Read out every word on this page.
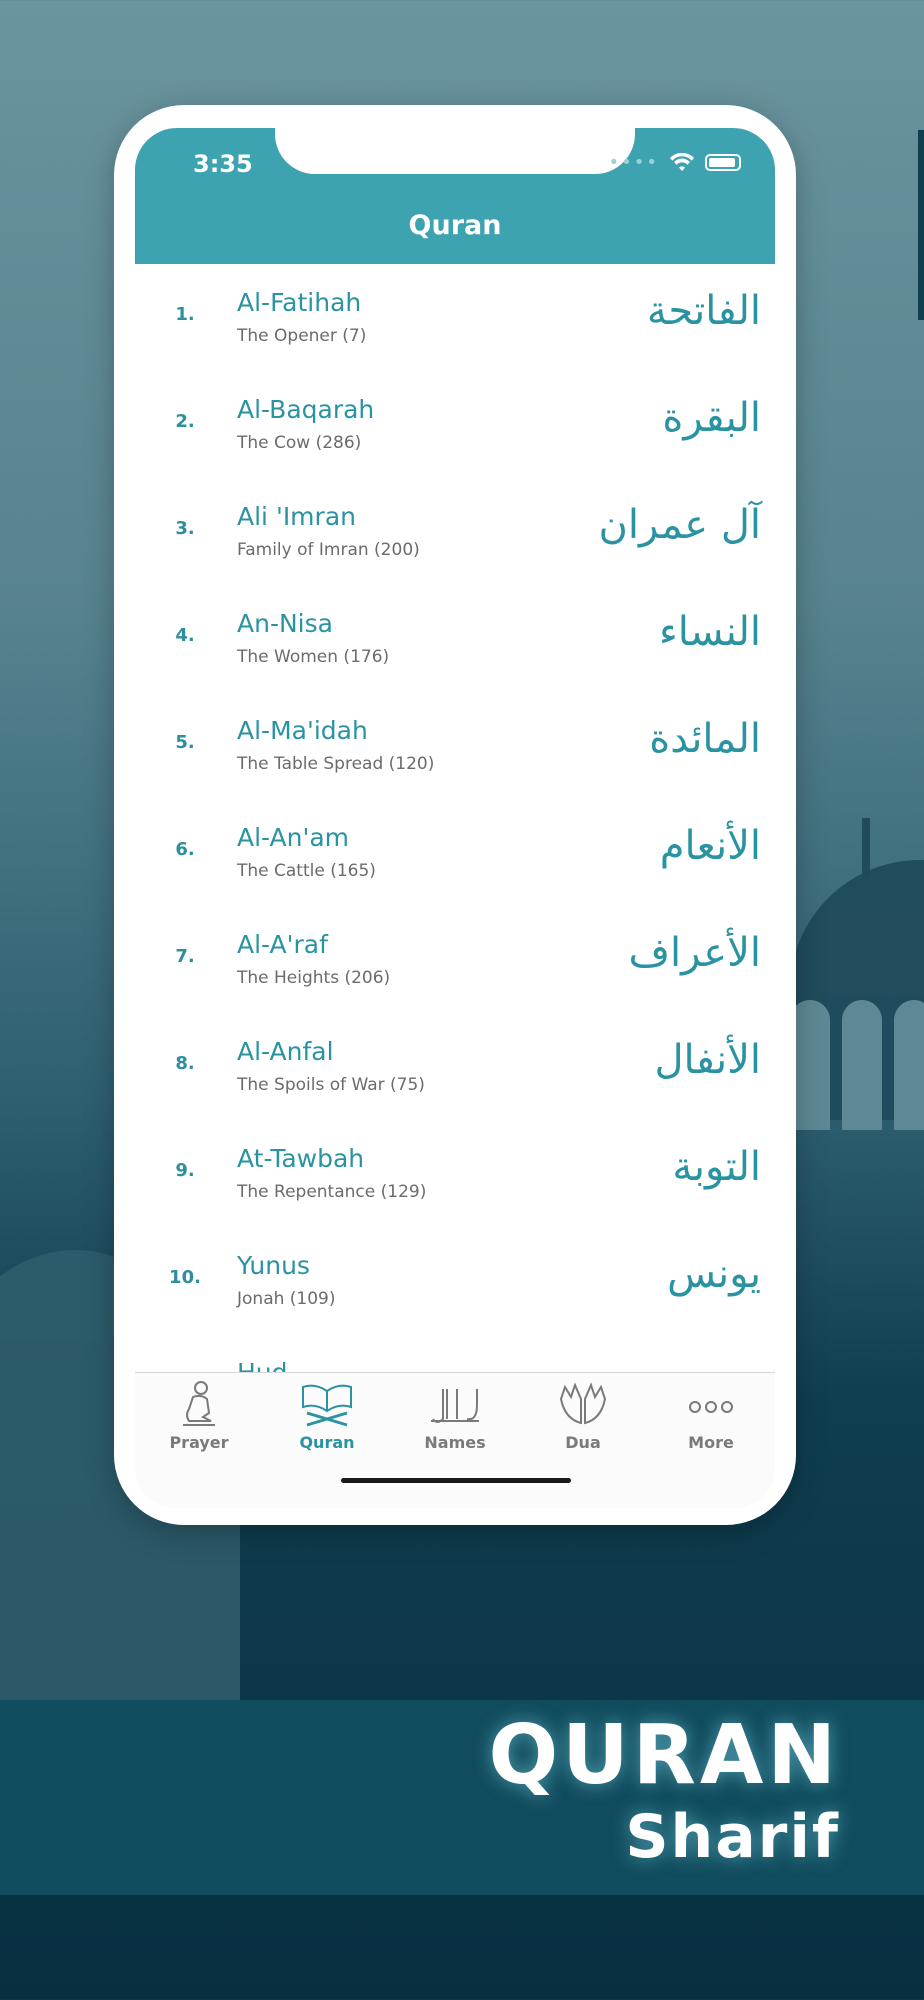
3:35	••••
Quran
1.	Al-Fatihah
The Opener (7)
الفاتحة
2.	Al-Baqarah
The Cow (286)
البقرة
3.	Ali 'Imran
Family of Imran (200)
آل عمران
4.	An-Nisa
The Women (176)
النساء
5.	Al-Ma'idah
The Table Spread (120)
المائدة
6.	Al-An'am
The Cattle (165)
الأنعام
7.	Al-A'raf
The Heights (206)
الأعراف
8.	Al-Anfal
The Spoils of War (75)
الأنفال
9.	At-Tawbah
The Repentance (129)
التوبة
10.	Yunus
Jonah (109)
يونس
Prayer	Quran	Names	Dua	More
QURAN
Sharif
